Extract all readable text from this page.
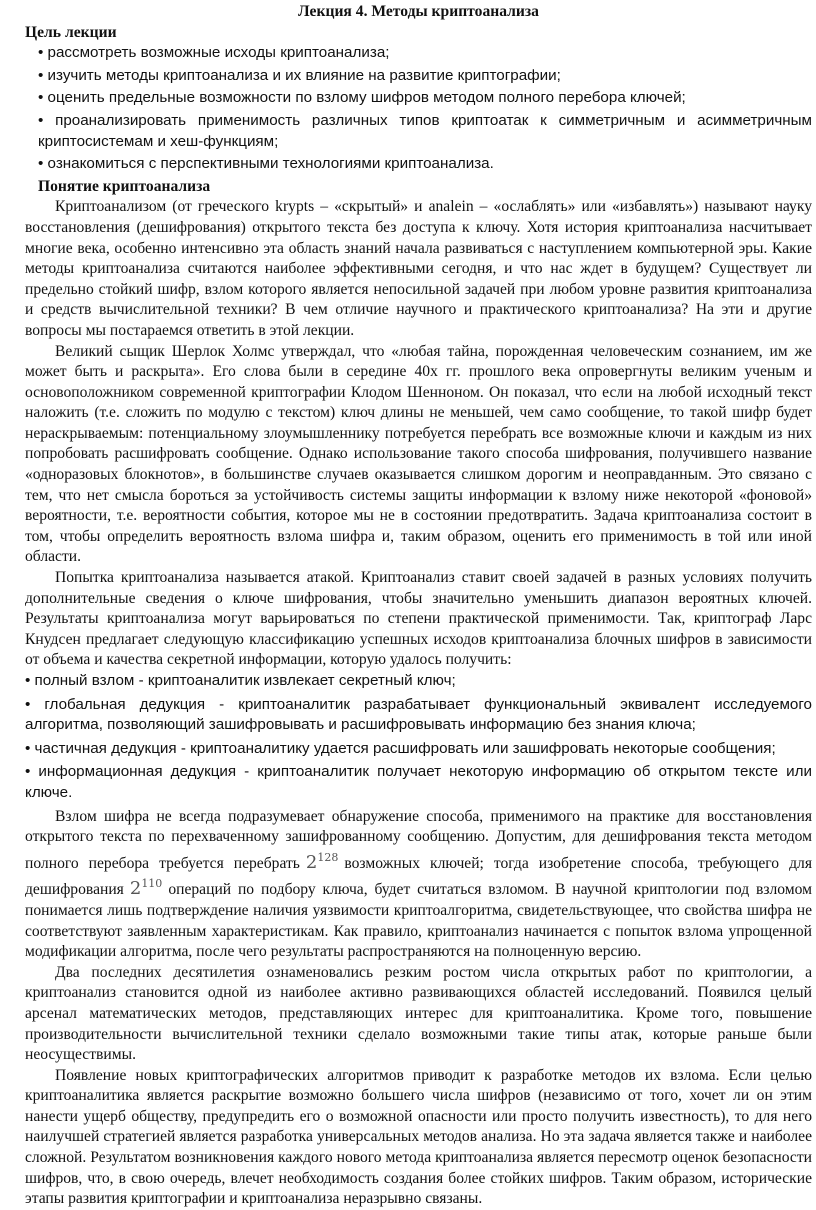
Лекция 4. Методы криптоанализа

Цель лекции
• рассмотреть возможные исходы криптоанализа;
• изучить методы криптоанализа и их влияние на развитие криптографии;
• оценить предельные возможности по взлому шифров методом полного перебора ключей;
• проанализировать применимость различных типов криптоатак к симметричным и асимметричным криптосистемам и хеш-функциям;
• ознакомиться с перспективными технологиями криптоанализа.
Понятие криптоанализа

Криптоанализом (от греческого krypts – «скрытый» и analein – «ослаблять» или «избавлять») называют науку восстановления (дешифрования) открытого текста без доступа к ключу. Хотя история криптоанализа насчитывает многие века, особенно интенсивно эта область знаний начала развиваться с наступлением компьютерной эры. Какие методы криптоанализа считаются наиболее эффективными сегодня, и что нас ждет в будущем? Существует ли предельно стойкий шифр, взлом которого является непосильной задачей при любом уровне развития криптоанализа и средств вычислительной техники? В чем отличие научного и практического криптоанализа? На эти и другие вопросы мы постараемся ответить в этой лекции.

Великий сыщик Шерлок Холмс утверждал, что «любая тайна, порожденная человеческим сознанием, им же может быть и раскрыта». Его слова были в середине 40х гг. прошлого века опровергнуты великим ученым и основоположником современной криптографии Клодом Шенноном. Он показал, что если на любой исходный текст наложить (т.е. сложить по модулю с текстом) ключ длины не меньшей, чем само сообщение, то такой шифр будет нераскрываемым: потенциальному злоумышленнику потребуется перебрать все возможные ключи и каждым из них попробовать расшифровать сообщение. Однако использование такого способа шифрования, получившего название «одноразовых блокнотов», в большинстве случаев оказывается слишком дорогим и неоправданным. Это связано с тем, что нет смысла бороться за устойчивость системы защиты информации к взлому ниже некоторой «фоновой» вероятности, т.е. вероятности события, которое мы не в состоянии предотвратить. Задача криптоанализа состоит в том, чтобы определить вероятность взлома шифра и, таким образом, оценить его применимость в той или иной области.

Попытка криптоанализа называется атакой. Криптоанализ ставит своей задачей в разных условиях получить дополнительные сведения о ключе шифрования, чтобы значительно уменьшить диапазон вероятных ключей. Результаты криптоанализа могут варьироваться по степени практической применимости. Так, криптограф Ларс Кнудсен предлагает следующую классификацию успешных исходов криптоанализа блочных шифров в зависимости от объема и качества секретной информации, которую удалось получить:

• полный взлом - криптоаналитик извлекает секретный ключ;
• глобальная дедукция - криптоаналитик разрабатывает функциональный эквивалент исследуемого алгоритма, позволяющий зашифровывать и расшифровывать информацию без знания ключа;
• частичная дедукция - криптоаналитику удается расшифровать или зашифровать некоторые сообщения;
• информационная дедукция - криптоаналитик получает некоторую информацию об открытом тексте или ключе.

Взлом шифра не всегда подразумевает обнаружение способа, применимого на практике для восстановления открытого текста по перехваченному зашифрованному сообщению. Допустим, для дешифрования текста методом полного перебора требуется перебрать $2^{128}$ возможных ключей; тогда изобретение способа, требующего для дешифрования $2^{110}$ операций по подбору ключа, будет считаться взломом. В научной криптологии под взломом понимается лишь подтверждение наличия уязвимости криптоалгоритма, свидетельствующее, что свойства шифра не соответствуют заявленным характеристикам. Как правило, криптоанализ начинается с попыток взлома упрощенной модификации алгоритма, после чего результаты распространяются на полноценную версию.

Два последних десятилетия ознаменовались резким ростом числа открытых работ по криптологии, а криптоанализ становится одной из наиболее активно развивающихся областей исследований. Появился целый арсенал математических методов, представляющих интерес для криптоаналитика. Кроме того, повышение производительности вычислительной техники сделало возможными такие типы атак, которые раньше были неосуществимы.

Появление новых криптографических алгоритмов приводит к разработке методов их взлома. Если целью криптоаналитика является раскрытие возможно большего числа шифров (независимо от того, хочет ли он этим нанести ущерб обществу, предупредить его о возможной опасности или просто получить известность), то для него наилучшей стратегией является разработка универсальных методов анализа. Но эта задача является также и наиболее сложной. Результатом возникновения каждого нового метода криптоанализа является пересмотр оценок безопасности шифров, что, в свою очередь, влечет необходимость создания более стойких шифров. Таким образом, исторические этапы развития криптографии и криптоанализа неразрывно связаны.
